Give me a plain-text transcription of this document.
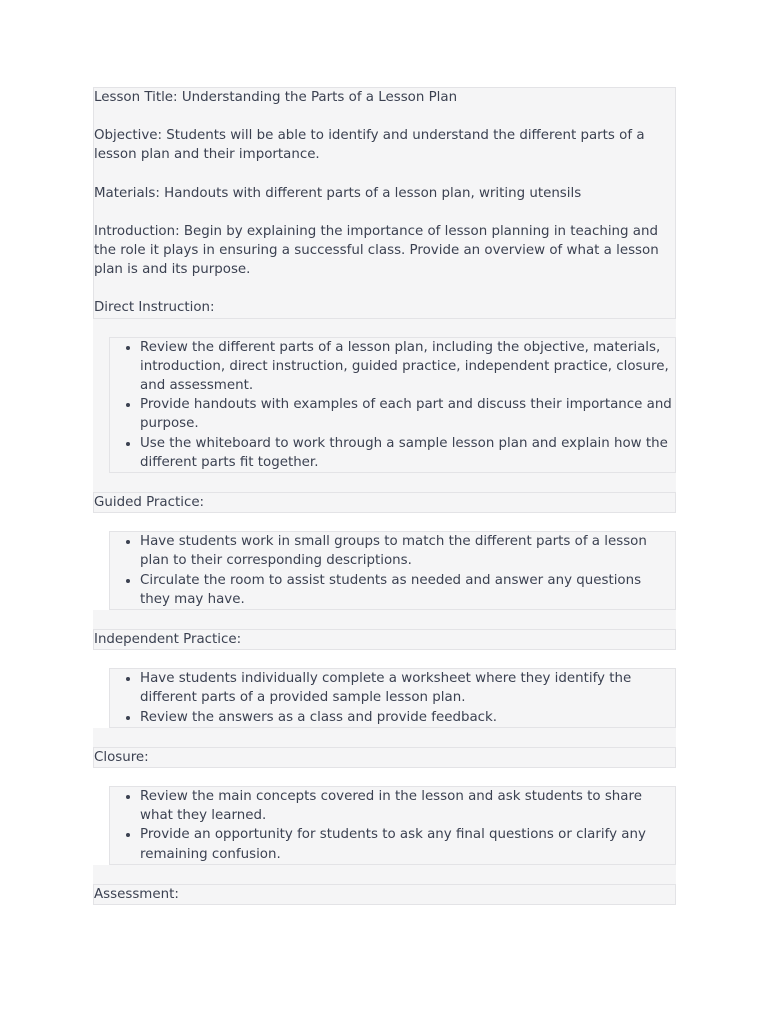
Lesson Title: Understanding the Parts of a Lesson Plan

Objective: Students will be able to identify and understand the different parts of a lesson plan and their importance.

Materials: Handouts with different parts of a lesson plan, writing utensils

Introduction: Begin by explaining the importance of lesson planning in teaching and the role it plays in ensuring a successful class. Provide an overview of what a lesson plan is and its purpose.

Direct Instruction:

• Review the different parts of a lesson plan, including the objective, materials, introduction, direct instruction, guided practice, independent practice, closure, and assessment.
• Provide handouts with examples of each part and discuss their importance and purpose.
• Use the whiteboard to work through a sample lesson plan and explain how the different parts fit together.
Guided Practice:
• Have students work in small groups to match the different parts of a lesson plan to their corresponding descriptions.
• Circulate the room to assist students as needed and answer any questions they may have.
Independent Practice:
• Have students individually complete a worksheet where they identify the different parts of a provided sample lesson plan.
• Review the answers as a class and provide feedback.
Closure:
• Review the main concepts covered in the lesson and ask students to share what they learned.
• Provide an opportunity for students to ask any final questions or clarify any remaining confusion.
Assessment:
